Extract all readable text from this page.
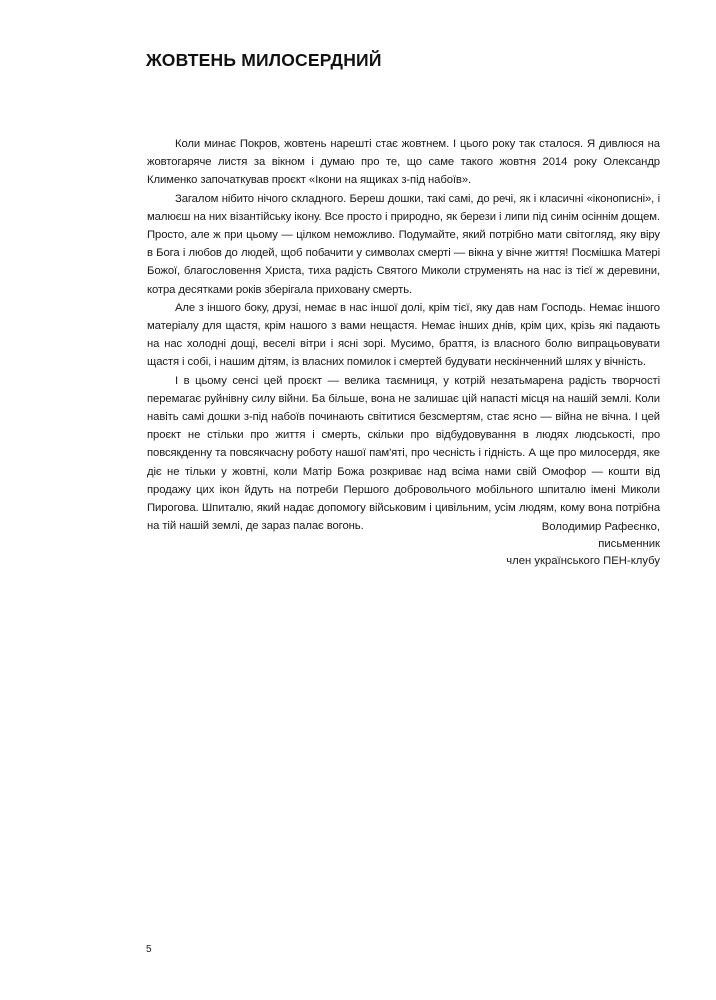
ЖОВТЕНЬ МИЛОСЕРДНИЙ

Коли минає Покров, жовтень нарешті стає жовтнем. І цього року так сталося. Я дивлюся на жовтогаряче листя за вікном і думаю про те, що саме такого жовтня 2014 року Олександр Клименко започаткував проєкт «Ікони на ящиках з-під набоїв».

Загалом нібито нічого складного. Береш дошки, такі самі, до речі, як і класичні «іконописні», і малюєш на них візантійську ікону. Все просто і природно, як берези і липи під синім осіннім дощем. Просто, але ж при цьому — цілком неможливо. Подумайте, який потрібно мати світогляд, яку віру в Бога і любов до людей, щоб побачити у символах смерті — вікна у вічне життя! Посмішка Матері Божої, благословення Христа, тиха радість Святого Миколи струменять на нас із тієї ж деревини, котра десятками років зберігала приховану смерть.

Але з іншого боку, друзі, немає в нас іншої долі, крім тієї, яку дав нам Господь. Немає іншого матеріалу для щастя, крім нашого з вами нещастя. Немає інших днів, крім цих, крізь які падають на нас холодні дощі, веселі вітри і ясні зорі. Мусимо, браття, із власного болю випрацьовувати щастя і собі, і нашим дітям, із власних помилок і смертей будувати нескінченний шлях у вічність.

І в цьому сенсі цей проєкт — велика таємниця, у котрій незатьмарена радість творчості перемагає руйнівну силу війни. Ба більше, вона не залишає цій напасті місця на нашій землі. Коли навіть самі дошки з-під набоїв починають світитися безсмертям, стає ясно — війна не вічна. І цей проєкт не стільки про життя і смерть, скільки про відбудовування в людях людськості, про повсякденну та повсякчасну роботу нашої пам'яті, про чесність і гідність. А ще про милосердя, яке діє не тільки у жовтні, коли Матір Божа розкриває над всіма нами свій Омофор — кошти від продажу цих ікон йдуть на потреби Першого добровольчого мобільного шпиталю імені Миколи Пирогова. Шпиталю, який надає допомогу військовим і цивільним, усім людям, кому вона потрібна на тій нашій землі, де зараз палає вогонь.	Володимир Рафеєнко,
письменник
член українського ПЕН-клубу
5
